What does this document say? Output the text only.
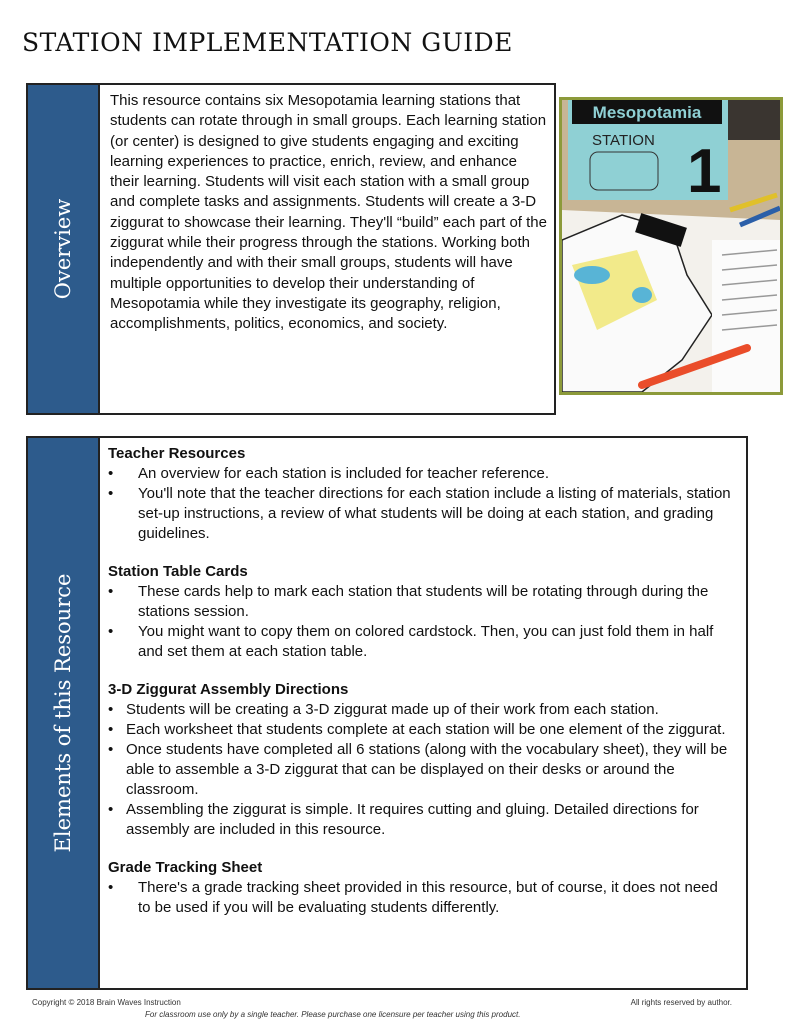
STATION IMPLEMENTATION GUIDE
Overview
This resource contains six Mesopotamia learning stations that students can rotate through in small groups. Each learning station (or center) is designed to give students engaging and exciting learning experiences to practice, enrich, review, and enhance their learning. Students will visit each station with a small group and complete tasks and assignments. Students will create a 3-D ziggurat to showcase their learning. They'll “build” each part of the ziggurat while their progress through the stations. Working both independently and with their small groups, students will have multiple opportunities to develop their understanding of Mesopotamia while they investigate its geography, religion, accomplishments, politics, economics, and society.
Mesopotamia
STATION 1
Elements of this Resource
Teacher Resources
• An overview for each station is included for teacher reference.
• You'll note that the teacher directions for each station include a listing of materials, station set-up instructions, a review of what students will be doing at each station, and grading guidelines.
Station Table Cards
• These cards help to mark each station that students will be rotating through during the stations session.
• You might want to copy them on colored cardstock. Then, you can just fold them in half and set them at each station table.
3-D Ziggurat Assembly Directions
• Students will be creating a 3-D ziggurat made up of their work from each station.
• Each worksheet that students complete at each station will be one element of the ziggurat.
• Once students have completed all 6 stations (along with the vocabulary sheet), they will be able to assemble a 3-D ziggurat that can be displayed on their desks or around the classroom.
• Assembling the ziggurat is simple. It requires cutting and gluing. Detailed directions for assembly are included in this resource.
Grade Tracking Sheet
• There's a grade tracking sheet provided in this resource, but of course, it does not need to be used if you will be evaluating students differently.
Copyright © 2018 Brain Waves Instruction	All rights reserved by author.
For classroom use only by a single teacher. Please purchase one licensure per teacher using this product.
